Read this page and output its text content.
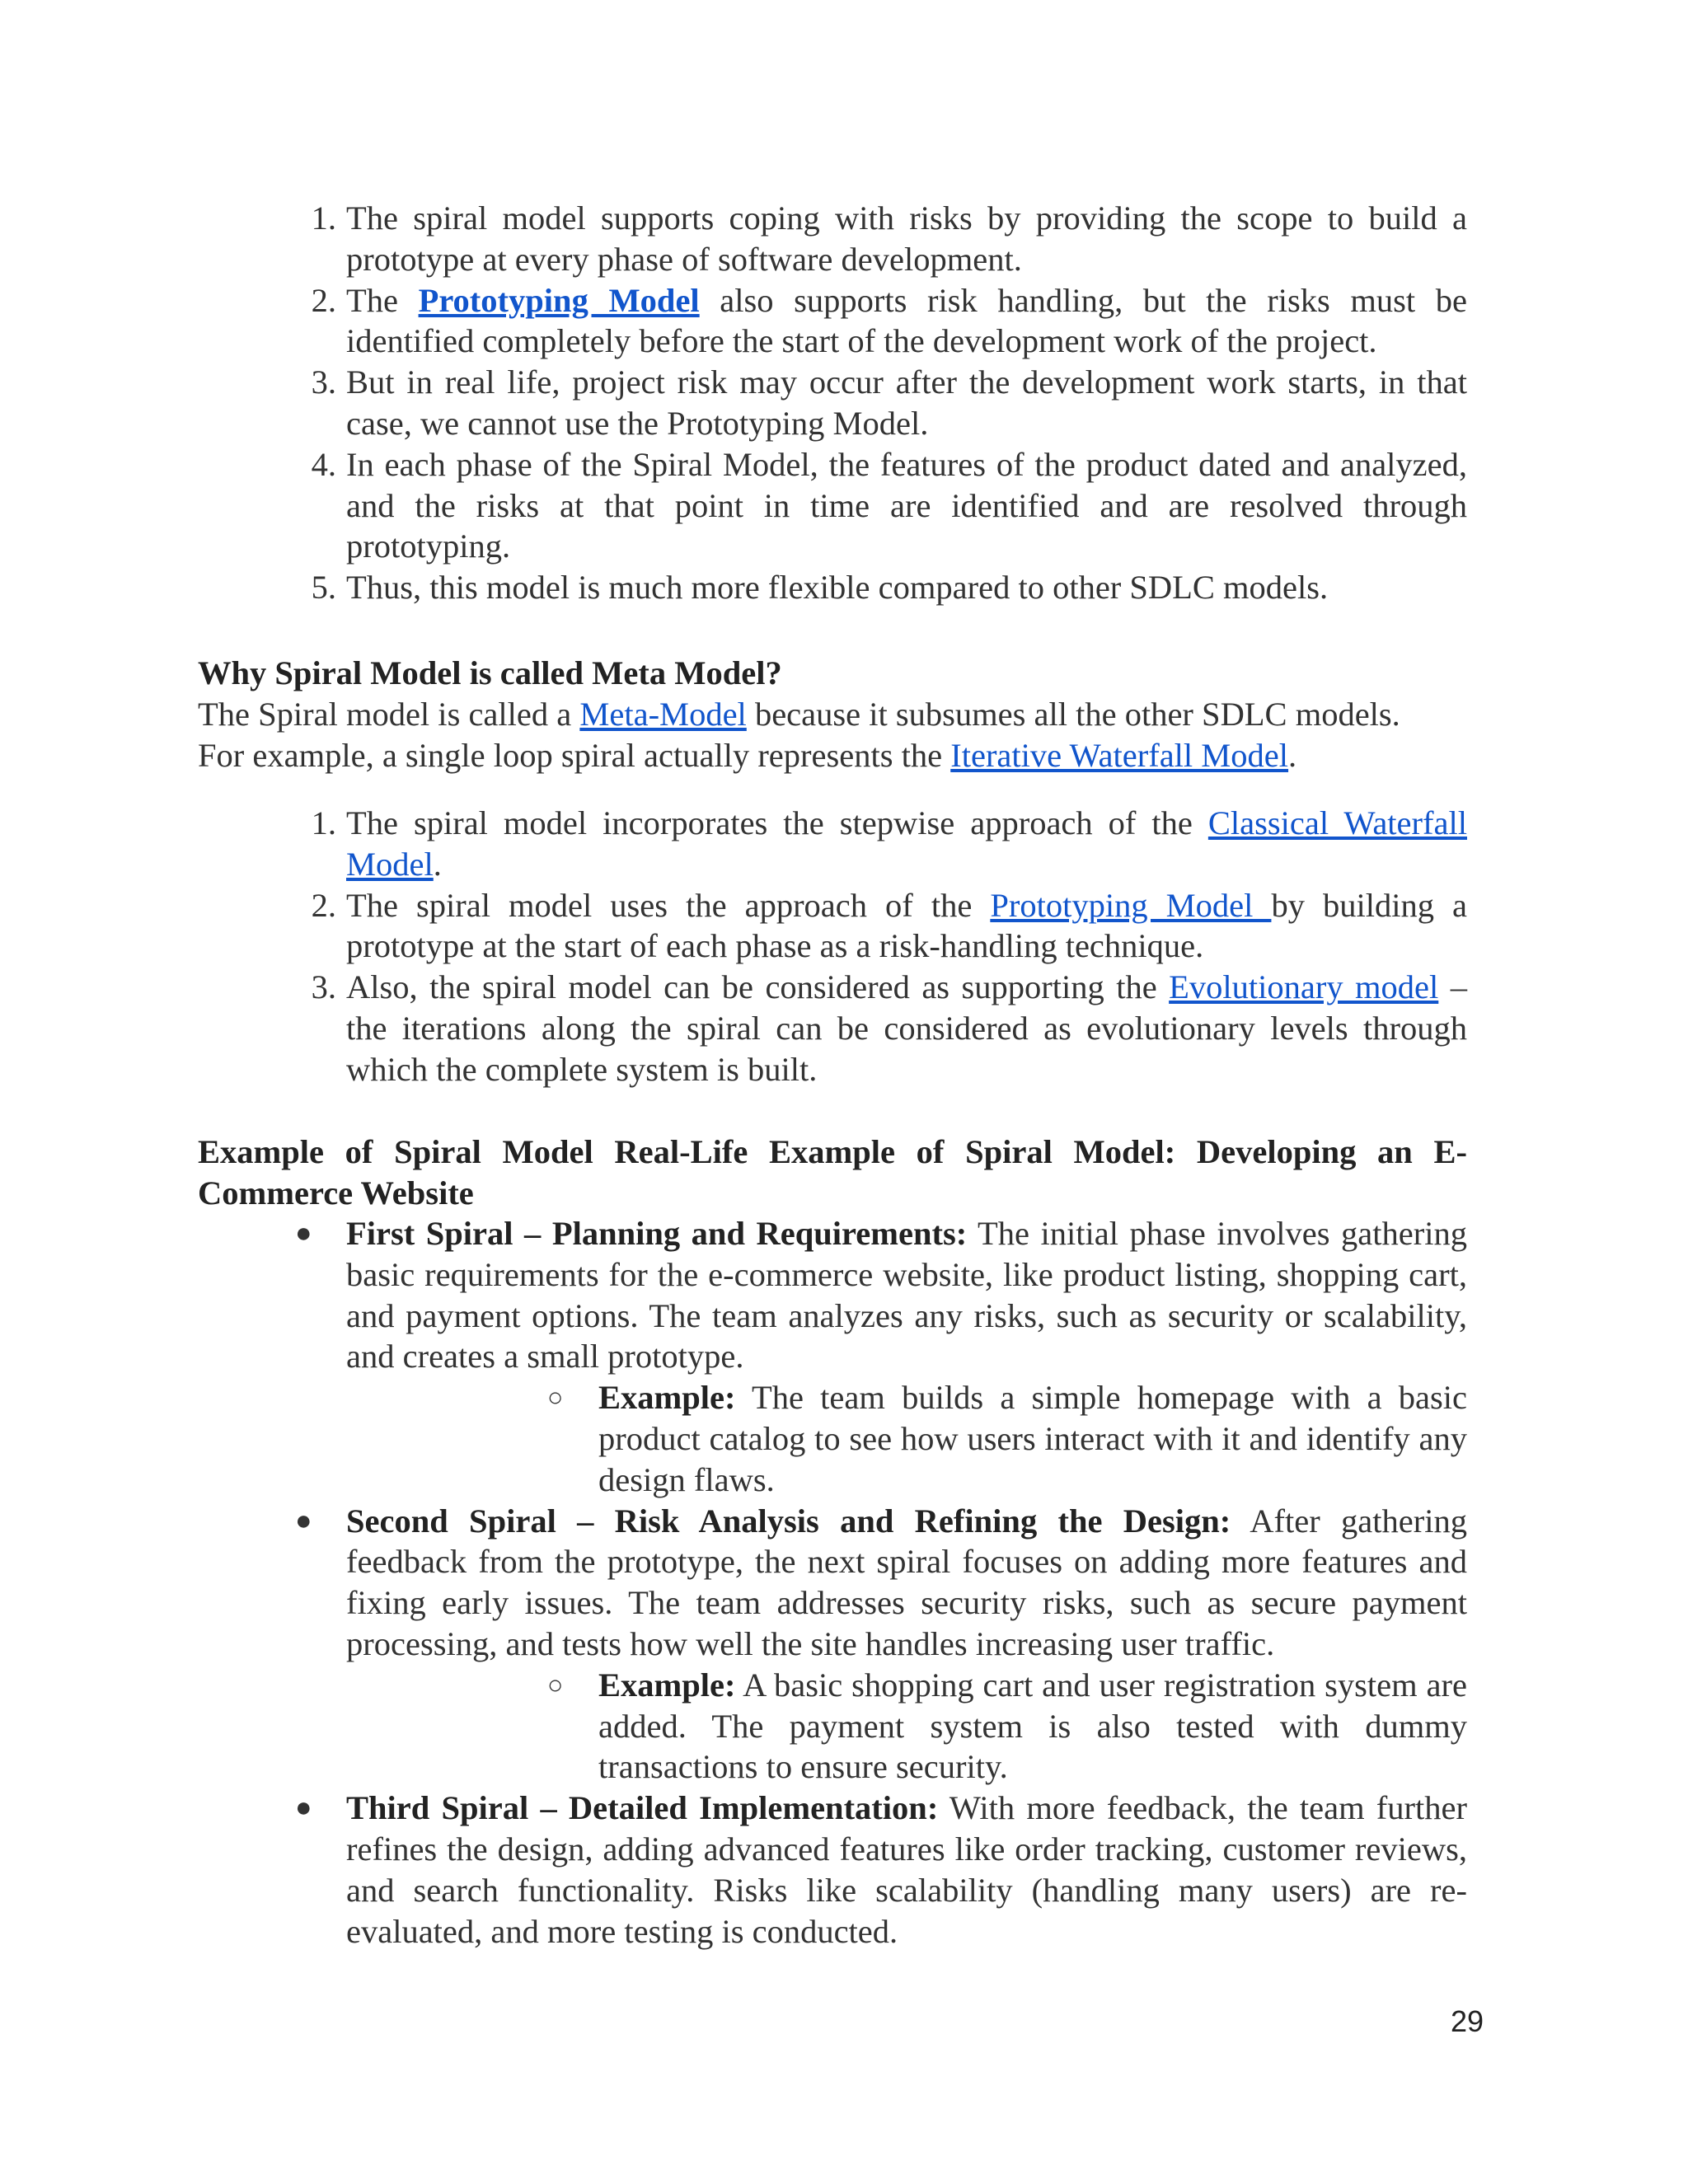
1. The spiral model supports coping with risks by providing the scope to build a prototype at every phase of software development.
2. The Prototyping Model also supports risk handling, but the risks must be identified completely before the start of the development work of the project.
3. But in real life, project risk may occur after the development work starts, in that case, we cannot use the Prototyping Model.
4. In each phase of the Spiral Model, the features of the product dated and analyzed, and the risks at that point in time are identified and are resolved through prototyping.
5. Thus, this model is much more flexible compared to other SDLC models.
Why Spiral Model is called Meta Model?
The Spiral model is called a Meta-Model because it subsumes all the other SDLC models.
For example, a single loop spiral actually represents the Iterative Waterfall Model.
1. The spiral model incorporates the stepwise approach of the Classical Waterfall Model.
2. The spiral model uses the approach of the Prototyping Model by building a prototype at the start of each phase as a risk-handling technique.
3. Also, the spiral model can be considered as supporting the Evolutionary model – the iterations along the spiral can be considered as evolutionary levels through which the complete system is built.
Example of Spiral Model Real-Life Example of Spiral Model: Developing an E-Commerce Website
●	First Spiral – Planning and Requirements: The initial phase involves gathering basic requirements for the e-commerce website, like product listing, shopping cart, and payment options. The team analyzes any risks, such as security or scalability, and creates a small prototype.
○	Example: The team builds a simple homepage with a basic product catalog to see how users interact with it and identify any design flaws.
●	Second Spiral – Risk Analysis and Refining the Design: After gathering feedback from the prototype, the next spiral focuses on adding more features and fixing early issues. The team addresses security risks, such as secure payment processing, and tests how well the site handles increasing user traffic.
○	Example: A basic shopping cart and user registration system are added. The payment system is also tested with dummy transactions to ensure security.
●	Third Spiral – Detailed Implementation: With more feedback, the team further refines the design, adding advanced features like order tracking, customer reviews, and search functionality. Risks like scalability (handling many users) are re-evaluated, and more testing is conducted.
29
